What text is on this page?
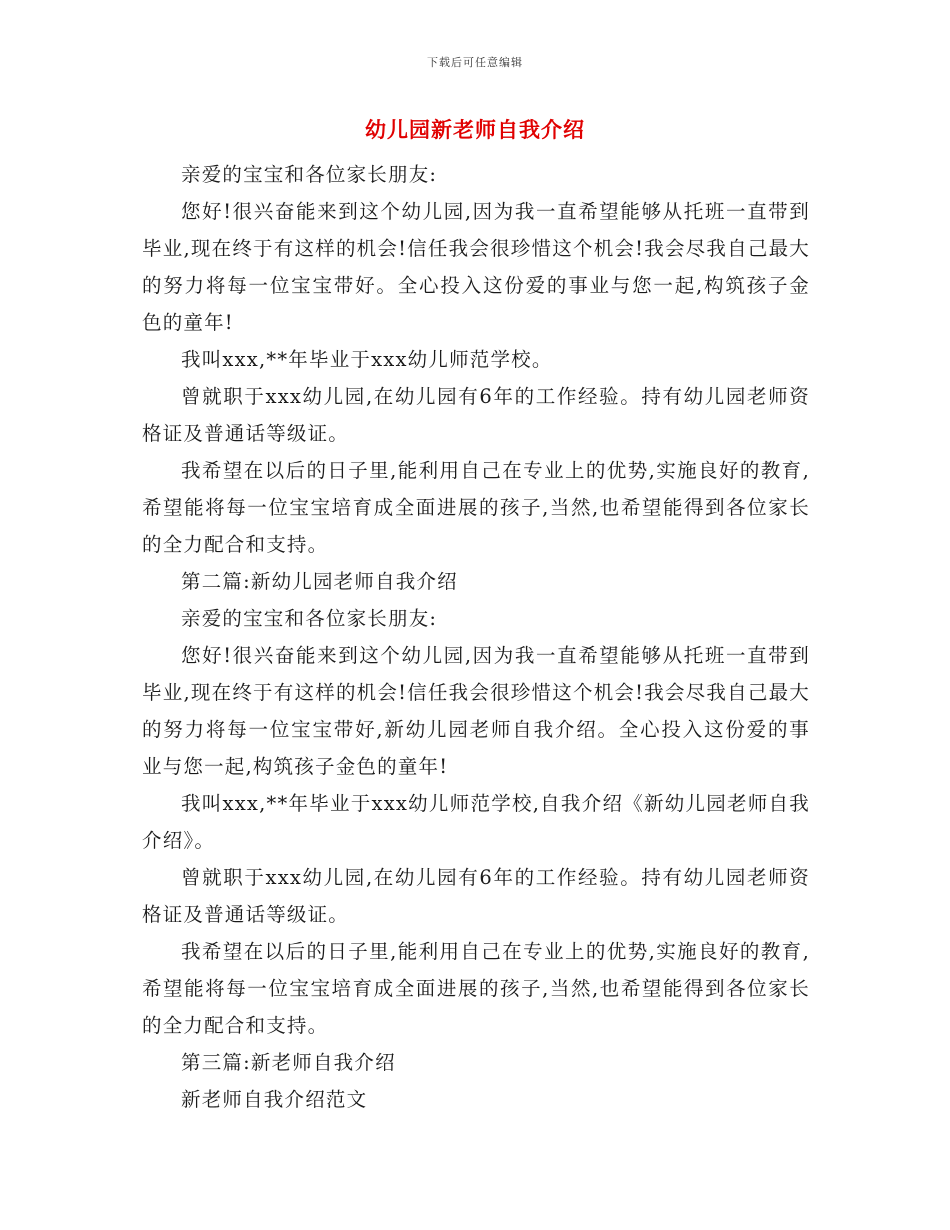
下载后可任意编辑
幼儿园新老师自我介绍

亲爱的宝宝和各位家长朋友:

您好!很兴奋能来到这个幼儿园,因为我一直希望能够从托班一直带到毕业,现在终于有这样的机会!信任我会很珍惜这个机会!我会尽我自己最大的努力将每一位宝宝带好。全心投入这份爱的事业与您一起,构筑孩子金色的童年!

我叫xxx,**年毕业于xxx幼儿师范学校。

曾就职于xxx幼儿园,在幼儿园有6年的工作经验。持有幼儿园老师资格证及普通话等级证。

我希望在以后的日子里,能利用自己在专业上的优势,实施良好的教育,希望能将每一位宝宝培育成全面进展的孩子,当然,也希望能得到各位家长的全力配合和支持。

第二篇:新幼儿园老师自我介绍

亲爱的宝宝和各位家长朋友:

您好!很兴奋能来到这个幼儿园,因为我一直希望能够从托班一直带到毕业,现在终于有这样的机会!信任我会很珍惜这个机会!我会尽我自己最大的努力将每一位宝宝带好,新幼儿园老师自我介绍。全心投入这份爱的事业与您一起,构筑孩子金色的童年!

我叫xxx,**年毕业于xxx幼儿师范学校,自我介绍《新幼儿园老师自我介绍》。

曾就职于xxx幼儿园,在幼儿园有6年的工作经验。持有幼儿园老师资格证及普通话等级证。

我希望在以后的日子里,能利用自己在专业上的优势,实施良好的教育,希望能将每一位宝宝培育成全面进展的孩子,当然,也希望能得到各位家长的全力配合和支持。

第三篇:新老师自我介绍

新老师自我介绍范文
